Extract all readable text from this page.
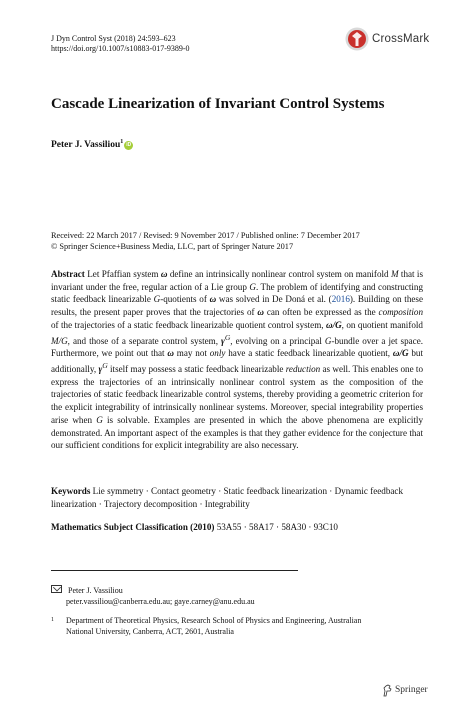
J Dyn Control Syst (2018) 24:593–623
https://doi.org/10.1007/s10883-017-9389-0
CrossMark
Cascade Linearization of Invariant Control Systems
Peter J. Vassiliou$^1$iD
Received: 22 March 2017 / Revised: 9 November 2017 / Published online: 7 December 2017
© Springer Science+Business Media, LLC, part of Springer Nature 2017

Abstract Let Pfaffian system ω define an intrinsically nonlinear control system on manifold M that is invariant under the free, regular action of a Lie group G. The problem of identifying and constructing static feedback linearizable G-quotients of ω was solved in De Doná et al. (2016). Building on these results, the present paper proves that the trajectories of ω can often be expressed as the composition of the trajectories of a static feedback linearizable quotient control system, ω/G, on quotient manifold M/G, and those of a separate control system, $\gamma^G$, evolving on a principal G-bundle over a jet space. Furthermore, we point out that ω may not only have a static feedback linearizable quotient, ω/G but additionally, $\gamma^G$ itself may possess a static feedback linearizable reduction as well. This enables one to express the trajectories of an intrinsically nonlinear control system as the composition of the trajectories of static feedback linearizable control systems, thereby providing a geometric criterion for the explicit integrability of intrinsically nonlinear systems. Moreover, special integrability properties arise when G is solvable. Examples are presented in which the above phenomena are explicitly demonstrated. An important aspect of the examples is that they gather evidence for the conjecture that our sufficient conditions for explicit integrability are also necessary.

Keywords Lie symmetry · Contact geometry · Static feedback linearization · Dynamic feedback linearization · Trajectory decomposition · Integrability
Mathematics Subject Classification (2010) 53A55 · 58A17 · 58A30 · 93C10
Peter J. Vassiliou
peter.vassiliou@canberra.edu.au; gaye.carney@anu.edu.au
1 Department of Theoretical Physics, Research School of Physics and Engineering, Australian
National University, Canberra, ACT, 2601, Australia
Springer
